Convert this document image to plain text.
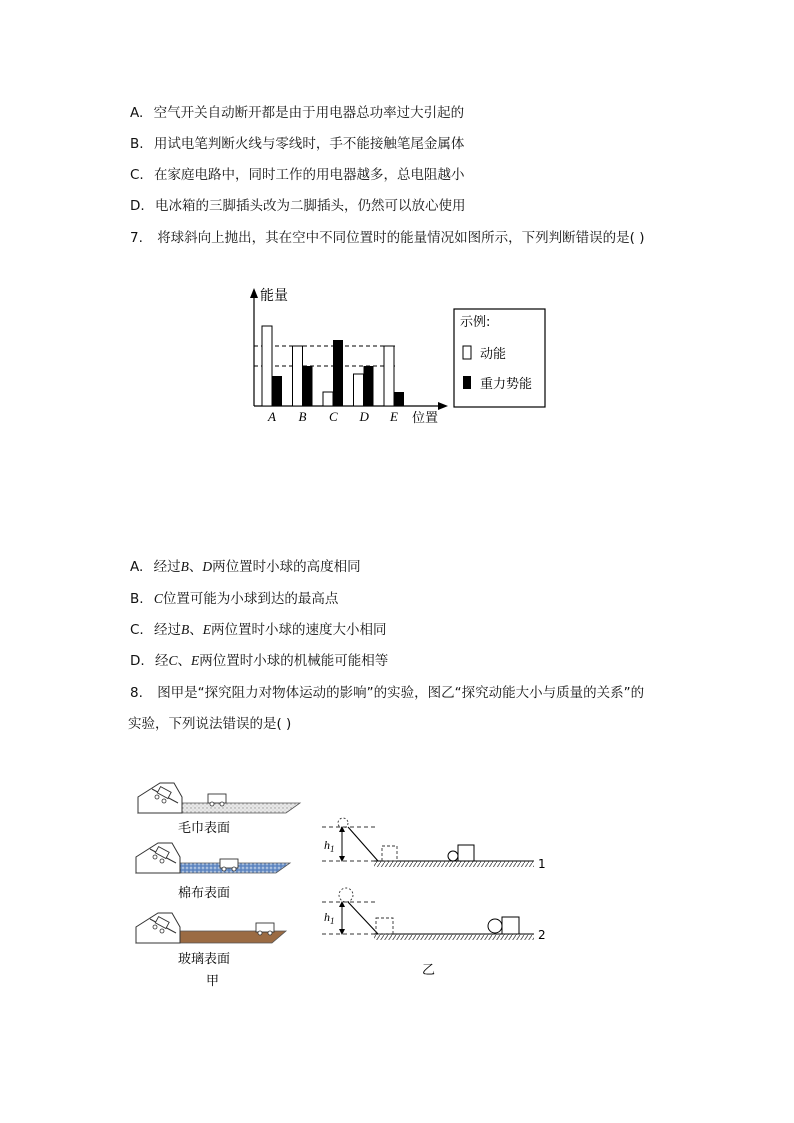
A. 空气开关自动断开都是由于用电器总功率过大引起的
B. 用试电笔判断火线与零线时，手不能接触笔尾金属体
C. 在家庭电路中，同时工作的用电器越多，总电阻越小
D. 电冰箱的三脚插头改为二脚插头，仍然可以放心使用
7. 将球斜向上抛出，其在空中不同位置时的能量情况如图所示，下列判断错误的是( )
能量
位置
A B C D E
示例:
动能
重力势能
A. 经过B、D两位置时小球的高度相同
B. C位置可能为小球到达的最高点
C. 经过B、E两位置时小球的速度大小相同
D. 经C、E两位置时小球的机械能可能相等
8. 图甲是“探究阻力对物体运动的影响”的实验，图乙“探究动能大小与质量的关系”的
实验，下列说法错误的是( )
毛巾表面
棉布表面
玻璃表面
甲
$h_1$
1
$h_1$
2
乙
